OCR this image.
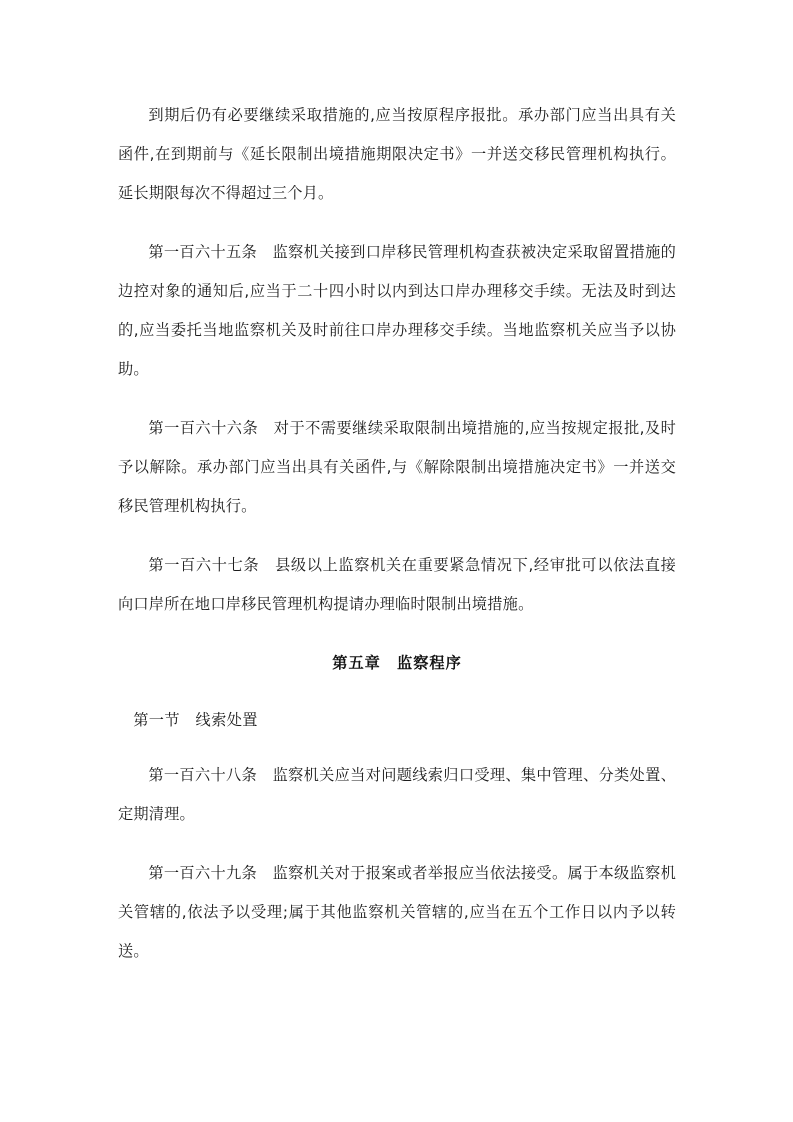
到期后仍有必要继续采取措施的,应当按原程序报批。承办部门应当出具有关函件,在到期前与《延长限制出境措施期限决定书》一并送交移民管理机构执行。延长期限每次不得超过三个月。

第一百六十五条　监察机关接到口岸移民管理机构查获被决定采取留置措施的边控对象的通知后,应当于二十四小时以内到达口岸办理移交手续。无法及时到达的,应当委托当地监察机关及时前往口岸办理移交手续。当地监察机关应当予以协助。

第一百六十六条　对于不需要继续采取限制出境措施的,应当按规定报批,及时予以解除。承办部门应当出具有关函件,与《解除限制出境措施决定书》一并送交移民管理机构执行。

第一百六十七条　县级以上监察机关在重要紧急情况下,经审批可以依法直接向口岸所在地口岸移民管理机构提请办理临时限制出境措施。

第五章　监察程序

第一节　线索处置

第一百六十八条　监察机关应当对问题线索归口受理、集中管理、分类处置、定期清理。

第一百六十九条　监察机关对于报案或者举报应当依法接受。属于本级监察机关管辖的,依法予以受理;属于其他监察机关管辖的,应当在五个工作日以内予以转送。
